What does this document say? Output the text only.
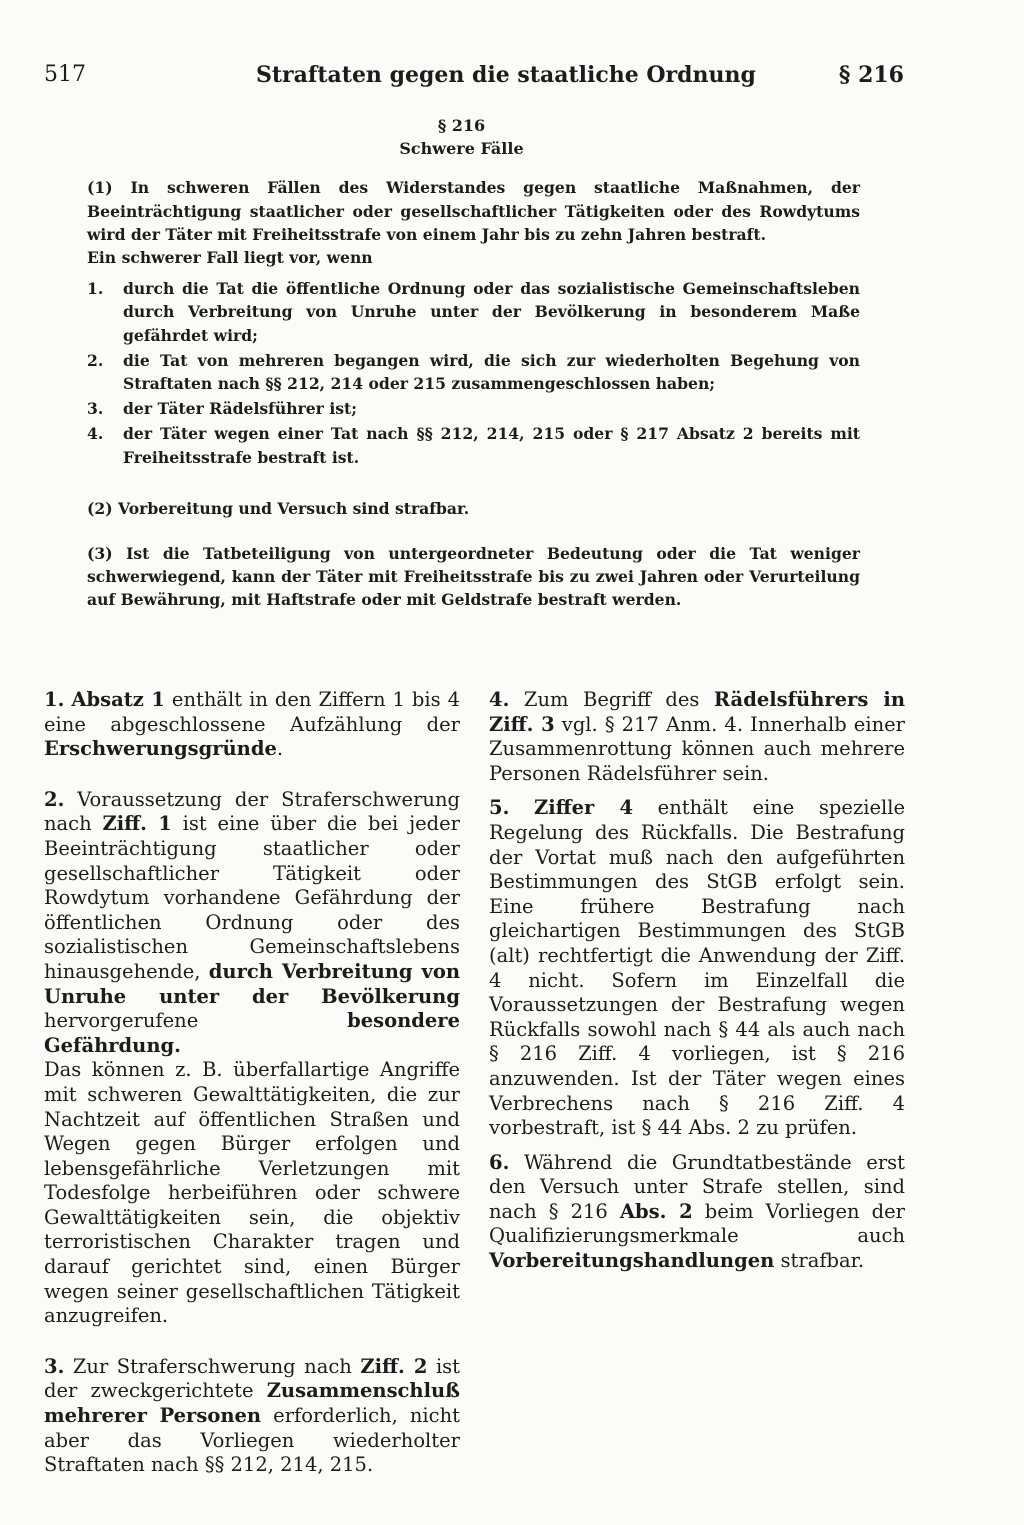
517	Straftaten gegen die staatliche Ordnung	§ 216
§ 216
Schwere Fälle

(1) In schweren Fällen des Widerstandes gegen staatliche Maßnahmen, der Beeinträchtigung staatlicher oder gesellschaftlicher Tätigkeiten oder des Rowdytums wird der Täter mit Freiheitsstrafe von einem Jahr bis zu zehn Jahren bestraft.

Ein schwerer Fall liegt vor, wenn
1.	durch die Tat die öffentliche Ordnung oder das sozialistische Gemeinschaftsleben durch Verbreitung von Unruhe unter der Bevölkerung in besonderem Maße gefährdet wird;
2.	die Tat von mehreren begangen wird, die sich zur wiederholten Begehung von Straftaten nach §§ 212, 214 oder 215 zusammengeschlossen haben;
3.	der Täter Rädelsführer ist;
4.	der Täter wegen einer Tat nach §§ 212, 214, 215 oder § 217 Absatz 2 bereits mit Freiheitsstrafe bestraft ist.

(2) Vorbereitung und Versuch sind strafbar.

(3) Ist die Tatbeteiligung von untergeordneter Bedeutung oder die Tat weniger schwerwiegend, kann der Täter mit Freiheitsstrafe bis zu zwei Jahren oder Verurteilung auf Bewährung, mit Haftstrafe oder mit Geldstrafe bestraft werden.

1. Absatz 1 enthält in den Ziffern 1 bis 4 eine abgeschlossene Aufzählung der Erschwerungsgründe.

2. Voraussetzung der Straferschwerung nach Ziff. 1 ist eine über die bei jeder Beeinträchtigung staatlicher oder gesellschaftlicher Tätigkeit oder Rowdytum vorhandene Gefährdung der öffentlichen Ordnung oder des sozialistischen Gemeinschaftslebens hinausgehende, durch Verbreitung von Unruhe unter der Bevölkerung hervorgerufene besondere Gefährdung.

Das können z. B. überfallartige Angriffe mit schweren Gewalttätigkeiten, die zur Nachtzeit auf öffentlichen Straßen und Wegen gegen Bürger erfolgen und lebensgefährliche Verletzungen mit Todesfolge herbeiführen oder schwere Gewalttätigkeiten sein, die objektiv terroristischen Charakter tragen und darauf gerichtet sind, einen Bürger wegen seiner gesellschaftlichen Tätigkeit anzugreifen.

3. Zur Straferschwerung nach Ziff. 2 ist der zweckgerichtete Zusammenschluß mehrerer Personen erforderlich, nicht aber das Vorliegen wiederholter Straftaten nach §§ 212, 214, 215.

4. Zum Begriff des Rädelsführers in Ziff. 3 vgl. § 217 Anm. 4. Innerhalb einer Zusammenrottung können auch mehrere Personen Rädelsführer sein.

5. Ziffer 4 enthält eine spezielle Regelung des Rückfalls. Die Bestrafung der Vortat muß nach den aufgeführten Bestimmungen des StGB erfolgt sein. Eine frühere Bestrafung nach gleichartigen Bestimmungen des StGB (alt) rechtfertigt die Anwendung der Ziff. 4 nicht. Sofern im Einzelfall die Voraussetzungen der Bestrafung wegen Rückfalls sowohl nach § 44 als auch nach § 216 Ziff. 4 vorliegen, ist § 216 anzuwenden. Ist der Täter wegen eines Verbrechens nach § 216 Ziff. 4 vorbestraft, ist § 44 Abs. 2 zu prüfen.

6. Während die Grundtatbestände erst den Versuch unter Strafe stellen, sind nach § 216 Abs. 2 beim Vorliegen der Qualifizierungsmerkmale auch Vorbereitungshandlungen strafbar.
